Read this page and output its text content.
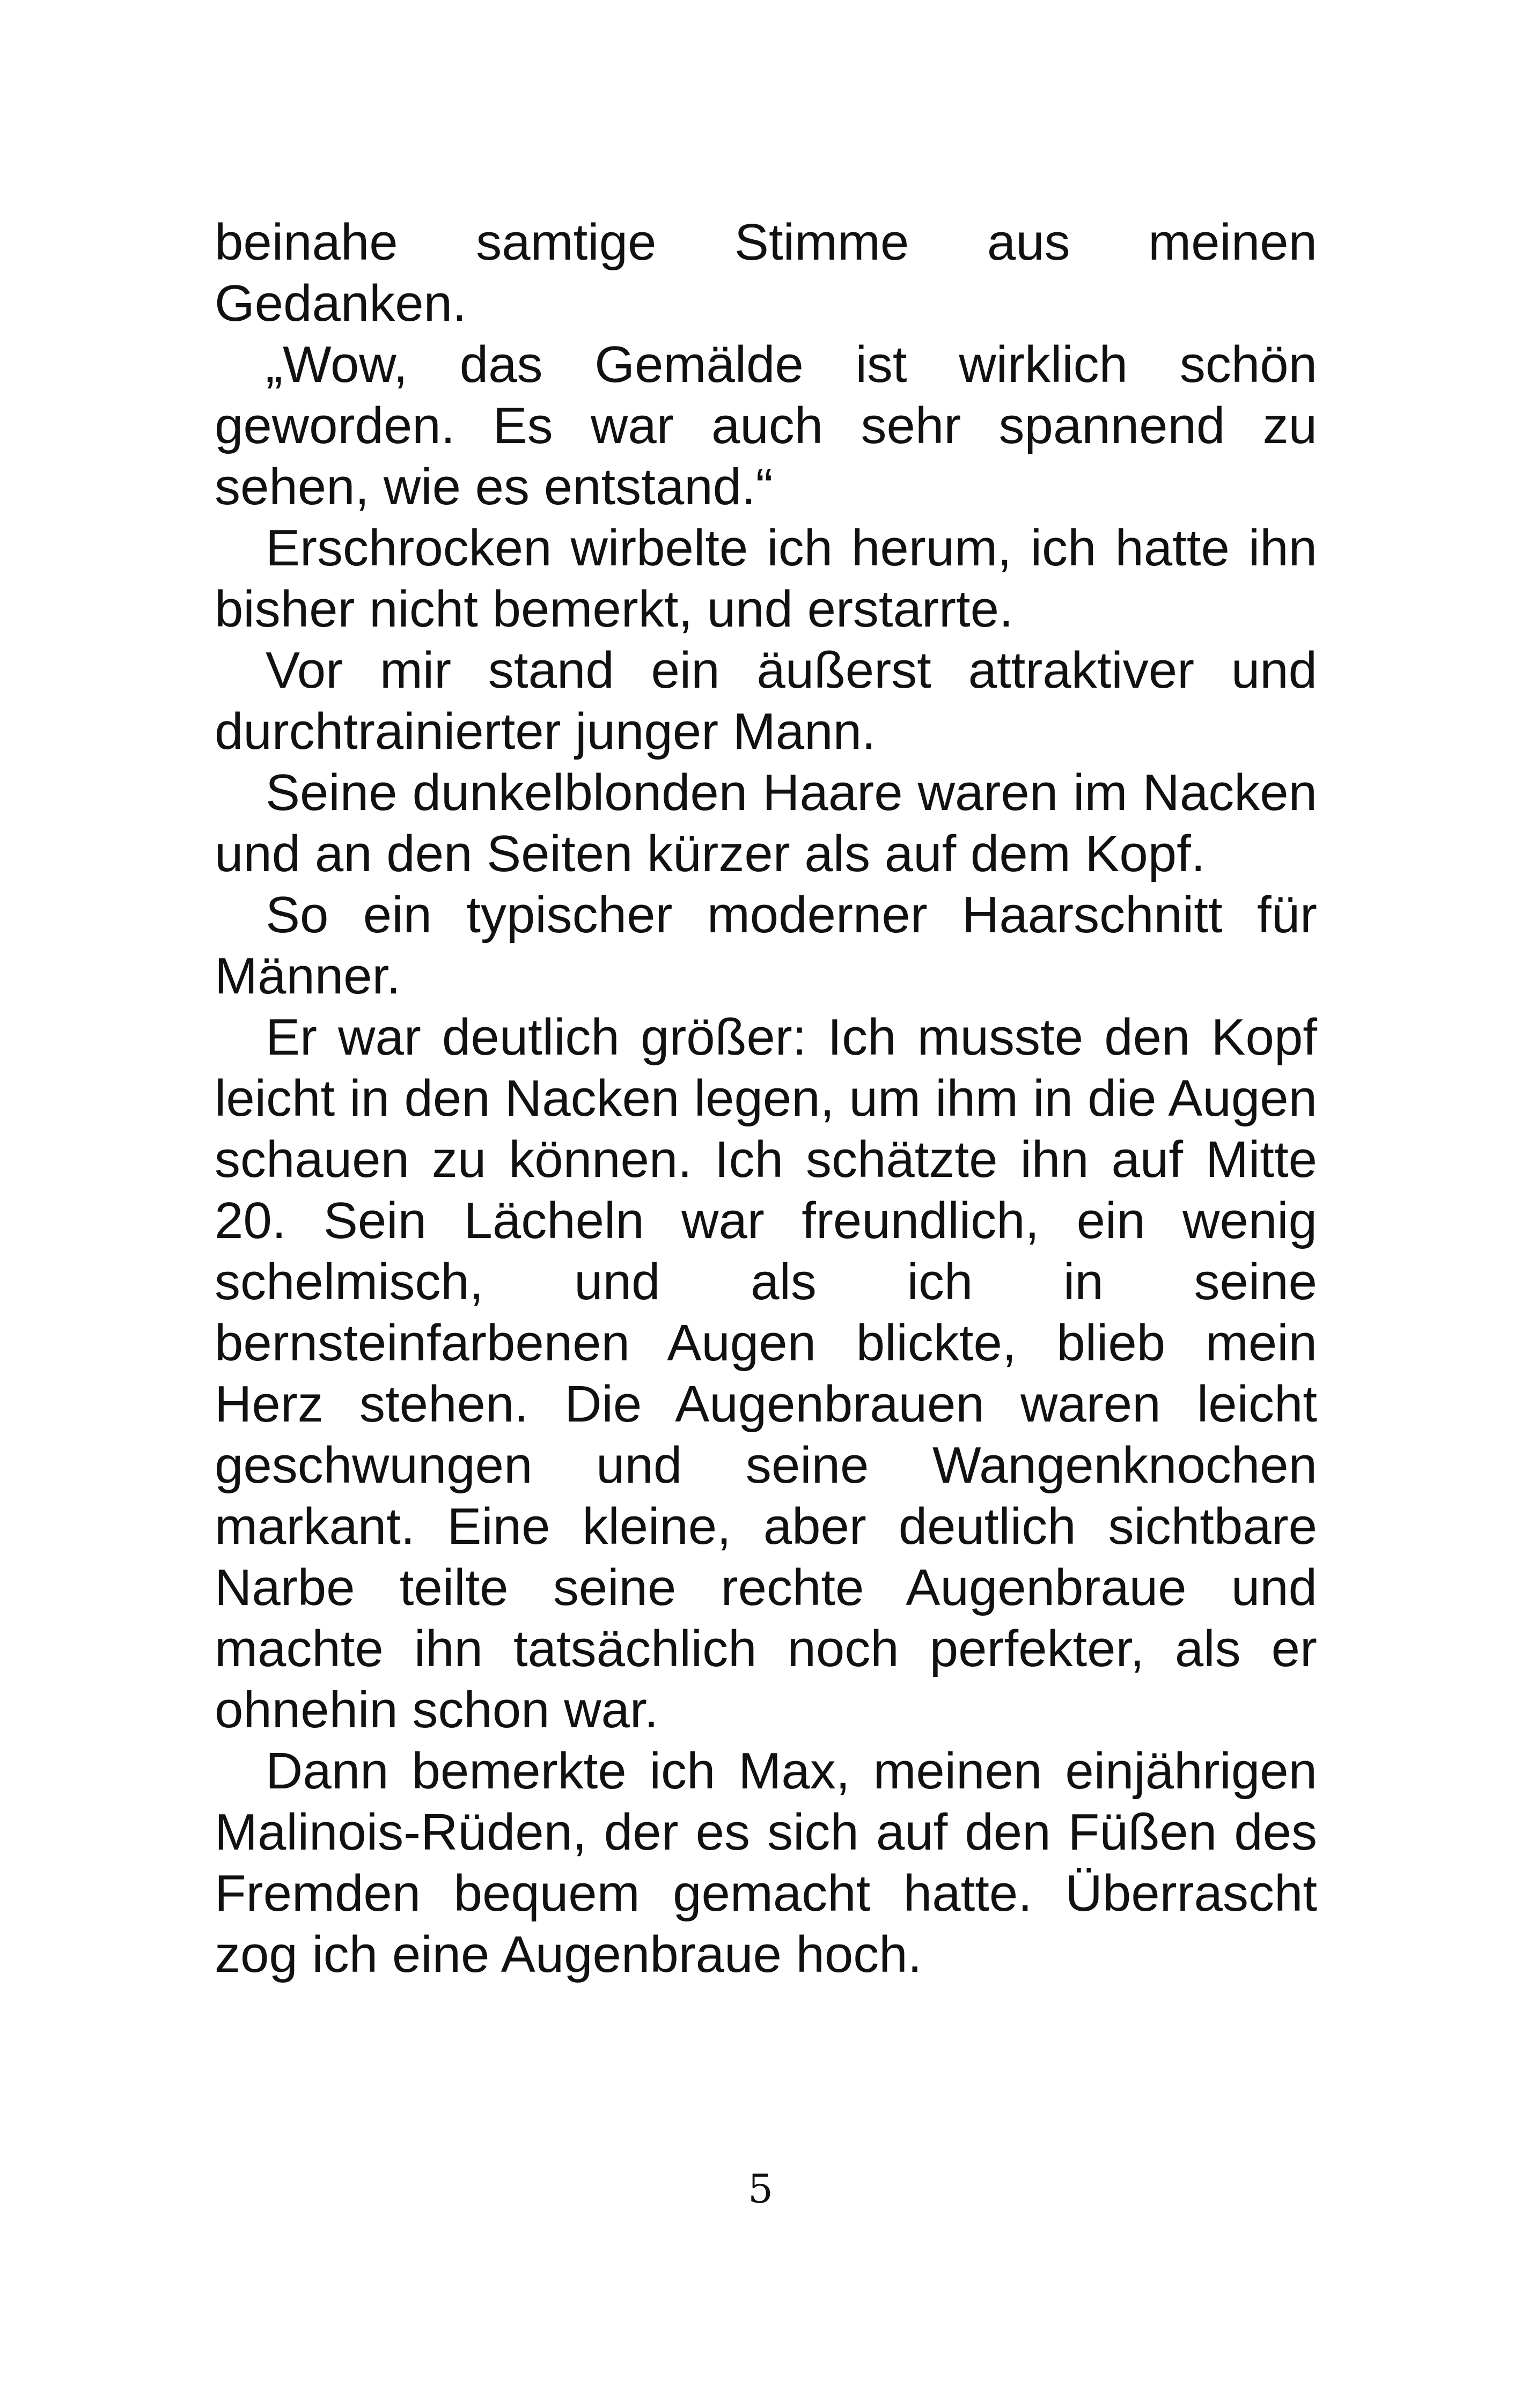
beinahe samtige Stimme aus meinen Gedanken.

„Wow, das Gemälde ist wirklich schön geworden. Es war auch sehr spannend zu sehen, wie es entstand.“

Erschrocken wirbelte ich herum, ich hatte ihn bisher nicht bemerkt, und erstarrte.

Vor mir stand ein äußerst attraktiver und durchtrainierter junger Mann.

Seine dunkelblonden Haare waren im Nacken und an den Seiten kürzer als auf dem Kopf.

So ein typischer moderner Haarschnitt für Männer.

Er war deutlich größer: Ich musste den Kopf leicht in den Nacken legen, um ihm in die Augen schauen zu können. Ich schätzte ihn auf Mitte 20. Sein Lächeln war freundlich, ein wenig schelmisch, und als ich in seine bernsteinfarbenen Augen blickte, blieb mein Herz stehen. Die Augenbrauen waren leicht geschwungen und seine Wangenknochen markant. Eine kleine, aber deutlich sichtbare Narbe teilte seine rechte Augenbraue und machte ihn tatsächlich noch perfekter, als er ohnehin schon war.

Dann bemerkte ich Max, meinen einjährigen Malinois-Rüden, der es sich auf den Füßen des Fremden bequem gemacht hatte. Überrascht zog ich eine Augenbraue hoch.

5
